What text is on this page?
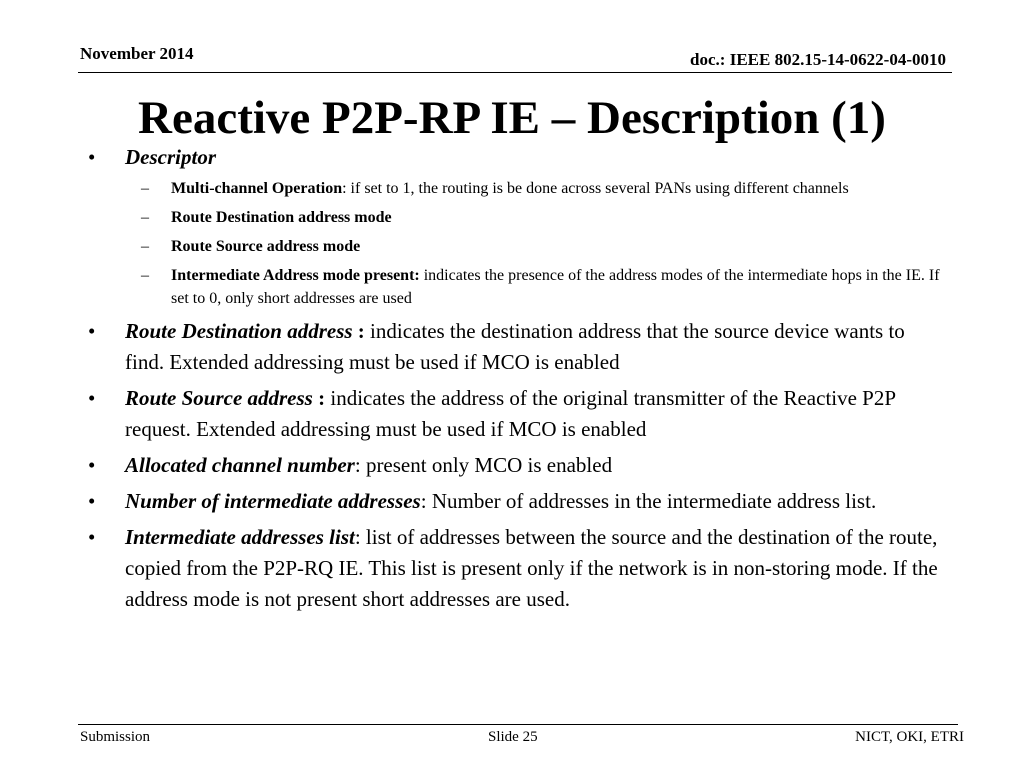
November 2014	doc.: IEEE 802.15-14-0622-04-0010
Reactive P2P-RP IE – Description (1)
•	Descriptor
– Multi-channel Operation: if set to 1, the routing is be done across several PANs using different channels
– Route Destination address mode
– Route Source address mode
– Intermediate Address mode present: indicates the presence of the address modes of the intermediate hops in the IE. If set to 0, only short addresses are used
•	Route Destination address : indicates the destination address that the source device wants to find. Extended addressing must be used if MCO is enabled
•	Route Source address : indicates the address of the original transmitter of the Reactive P2P request. Extended addressing must be used if MCO is enabled
•	Allocated channel number: present only MCO is enabled
•	Number of intermediate addresses: Number of addresses in the intermediate address list.
•	Intermediate addresses list: list of addresses between the source and the destination of the route, copied from the P2P-RQ IE. This list is present only if the network is in non-storing mode. If the address mode is not present short addresses are used.
Submission	Slide 25	NICT, OKI, ETRI
